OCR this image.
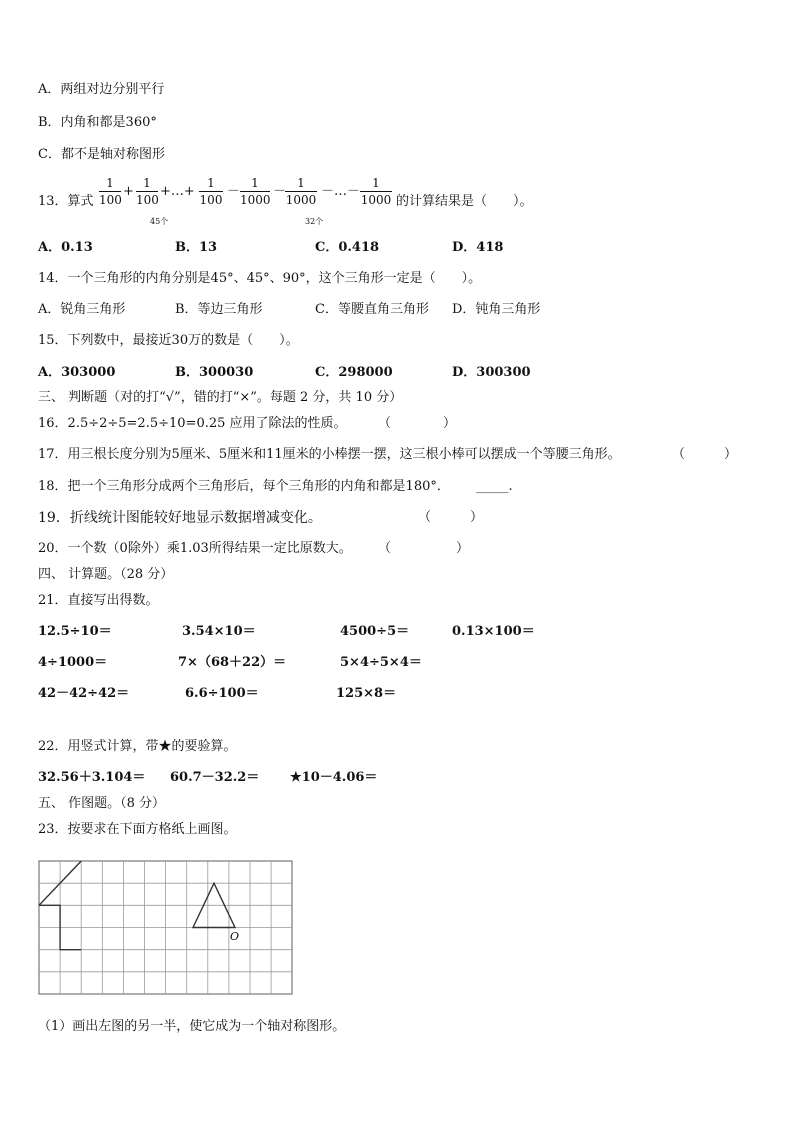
A．两组对边分别平行
B．内角和都是360°
C．都不是轴对称图形
13．算式
1
100
+
1
100
+…+
1
100
－
1
1000
－
1
1000
－…－
1
1000
45个	32个
的计算结果是（　　）。
A．0.13	B．13	C．0.418	D．418
14．一个三角形的内角分别是45°、45°、90°，这个三角形一定是（　　）。
A．锐角三角形	B．等边三角形	C．等腰直角三角形 D．钝角三角形
15．下列数中，最接近30万的数是（　　）。
A．303000	B．300030	C．298000	D．300300
三、 判断题（对的打“√”，错的打“×”。每题 2 分，共 10 分）
16．2.5÷2÷5=2.5÷10=0.25 应用了除法的性质。 （　　　　）
17．用三根长度分别为5厘米、5厘米和11厘米的小棒摆一摆，这三根小棒可以摆成一个等腰三角形。	（　　　）
18．把一个三角形分成两个三角形后，每个三角形的内角和都是180°． _____.
19．折线统计图能较好地显示数据增减变化。	（　　　）
20．一个数（0除外）乘1.03所得结果一定比原数大。 （　　　　　）
四、 计算题。（28 分）
21．直接写出得数。
12.5÷10＝	3.54×10＝	4500÷5＝	0.13×100＝
4÷1000＝	7×（68＋22）＝	5×4÷5×4＝
42－42÷42＝	6.6÷100＝	125×8＝
22．用竖式计算，带★的要验算。
32.56＋3.104＝ 60.7－32.2＝ ★10－4.06＝
五、 作图题。（8 分）
23．按要求在下面方格纸上画图。
O
（1）画出左图的另一半，使它成为一个轴对称图形。
